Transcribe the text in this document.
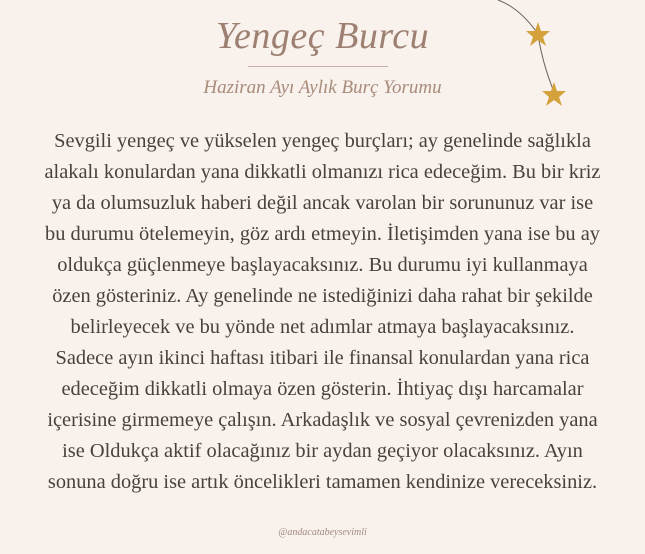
Yengeç Burcu
Haziran Ayı Aylık Burç Yorumu

Sevgili yengeç ve yükselen yengeç burçları; ay genelinde sağlıkla

alakalı konulardan yana dikkatli olmanızı rica edeceğim. Bu bir kriz

ya da olumsuzluk haberi değil ancak varolan bir sorununuz var ise

bu durumu ötelemeyin, göz ardı etmeyin. İletişimden yana ise bu ay

oldukça güçlenmeye başlayacaksınız. Bu durumu iyi kullanmaya

özen gösteriniz. Ay genelinde ne istediğinizi daha rahat bir şekilde

belirleyecek ve bu yönde net adımlar atmaya başlayacaksınız.

Sadece ayın ikinci haftası itibari ile finansal konulardan yana rica

edeceğim dikkatli olmaya özen gösterin. İhtiyaç dışı harcamalar

içerisine girmemeye çalışın. Arkadaşlık ve sosyal çevrenizden yana

ise Oldukça aktif olacağınız bir aydan geçiyor olacaksınız. Ayın

sonuna doğru ise artık öncelikleri tamamen kendinize vereceksiniz.

@andacatabeysevimli
